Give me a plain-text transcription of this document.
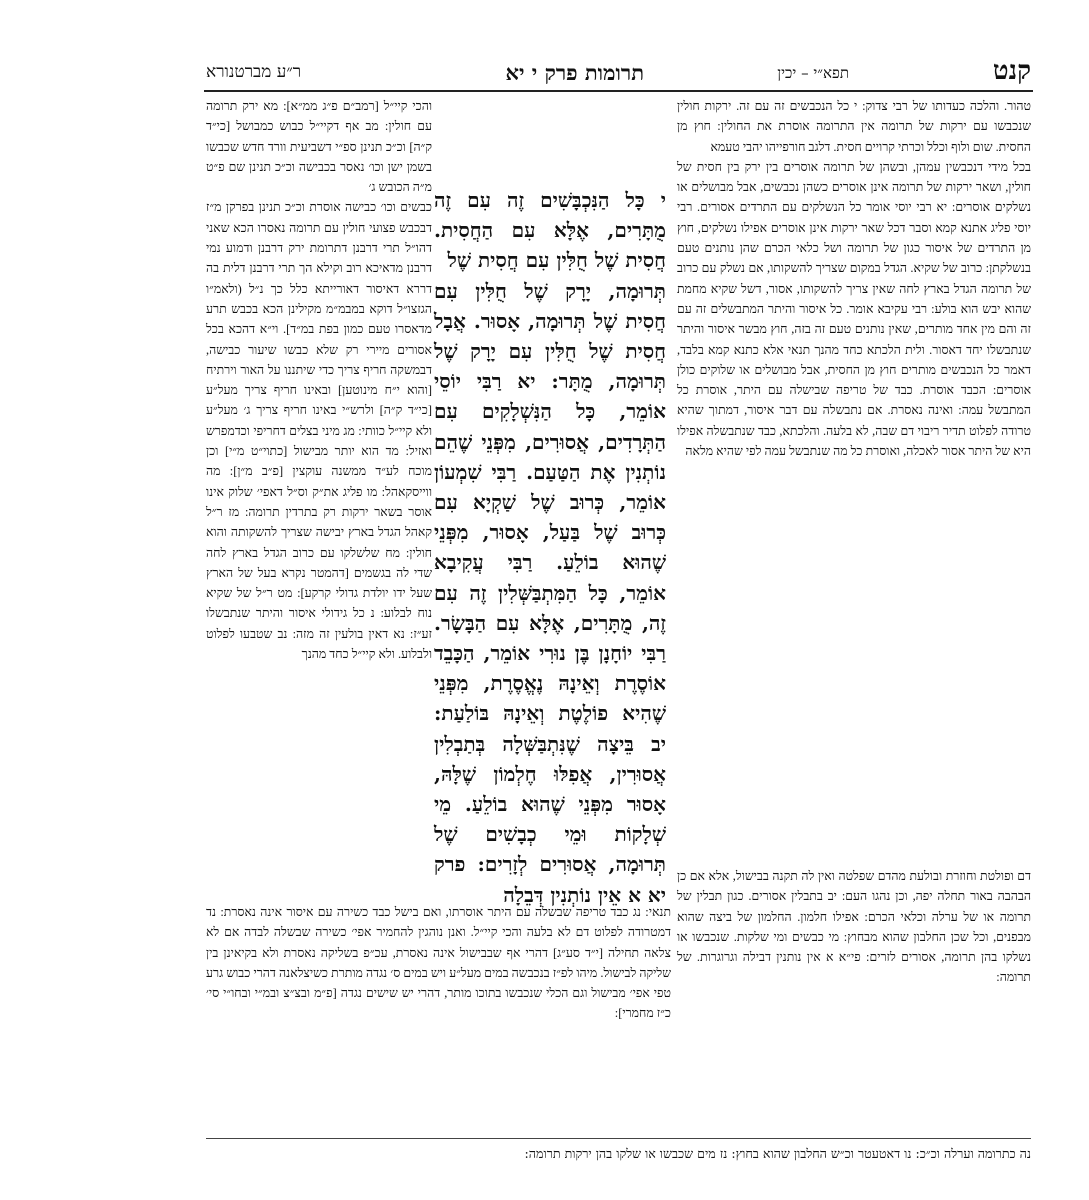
קנט
תפא״י – יכין
תרומות פרק י יא
ר״ע מברטנורא

והכי קיי״ל [רמב״ם פ״ג ממ״א]: מא ירק תרומה עם חולין: מב אף דקיי״ל כבוש כמבושל [כי״ד ק״ה] וכ״כ תנינן ספ״י דשביעית וורד חדש שכבשו בשמן ישן וכו׳ נאסר בכבישה וכ״כ תנינן שם פ״ט מ״ה הכובש ג׳

כבשים וכו׳ כבישה אוסרת וכ״כ תנינן בפרקן מ״ז דבכבש פצועי חולין עם תרומה נאסרו הכא שאני דהו״ל תרי דרבנן דתרומת ירק דרבנן ודמוע נמי דרבנן מדאיכא רוב וקילא הך תרי דרבנן דלית בה דררא דאיסור דאורייתא כלל כך נ״ל (ולאמ״ו הגזצו״ל דוקא במבמ״מ מקילינן הכא בכבש תרע מדאסרו טעם כמון בפת במ״ד]. וי״א דהכא בכל אסורים מיירי רק שלא כבשו שיעור כבישה, דבמשקה חריף צריך כדי שיתננו על האור וירתיח [והוא י״ח מינוטען] ובאינו חריף צריך מעל״ע [כי״ד ק״ה] ולרש״י באינו חריף צריך ג׳ מעל״ע ולא קיי״ל כוותי: מג מיני בצלים דחריפי וכדמפרש ואזיל: מד הוא יותר מבישול [כתוי״ט מ״י] וכן מוכח לע״ד ממשנה עוקצין [פ״ב מ״ן]: מה ווייסקאהל: מו פליג את״ק וס״ל דאפי׳ שלוק אינו אוסר בשאר ירקות רק בתרדין תרומה: מז ר״ל קאהל הגדל בארץ יבישה שצריך להשקותה והוא חולין: מח שלשלקו עם כרוב הגדל בארץ לחה שדי לה בגשמים [דהמטר נקרא בעל של הארץ שעל ידו יולדת גדולי קרקע]: מט ר״ל של שקיא נוח לבלוע: נ כל גידולי איסור והיתר שנתבשלו זע״ז: נא דאין בולעין זה מזה: נב שטבעו לפלוט ולבלוע. ולא קיי״ל כחד מהנך

טהור. והלכה כעדותו של רבי צדוק: י כל הנכבשים זה עם זה. ירקות חולין שנכבשו עם ירקות של תרומה אין התרומה אוסרת את החולין: חוץ מן החסית. שום ולוף וכלל וכרתי קרויים חסית. דלגב חורפייהו יהבי טעמא

בכל מידי דנכבשין עמהן, ובשהן של תרומה אוסרים בין ירק בין חסית של חולין, ושאר ירקות של תרומה אינן אוסרים כשהן נכבשים, אבל מבושלים או נשלקים אוסרים: יא רבי יוסי אומר כל הנשלקים עם התרדים אסורים. רבי יוסי פליג אתנא קמא וסבר דכל שאר ירקות אינן אוסרים אפילו נשלקים, חוץ מן התרדים של איסור כגון של תרומה ושל כלאי הכרם שהן נותנים טעם בנשלקתן: כרוב של שקיא. הגדל במקום שצריך להשקותו, אם נשלק עם כרוב של תרומה הגדל בארץ לחה שאין צריך להשקותו, אסור, דשל שקיא מחמת שהוא יבש הוא בולע: רבי עקיבא אומר. כל איסור והיתר המתבשלים זה עם זה והם מין אחד מותרים, שאין נותנים טעם זה בזה, חוץ מבשר איסור והיתר שנתבשלו יחד דאסור. ולית הלכתא כחד מהנך תנאי אלא כתנא קמא בלבד, דאמר כל הנכבשים מותרים חוץ מן החסית, אבל מבושלים או שלוקים כולן אוסרים: הכבד אוסרת. כבד של טריפה שבישלה עם היתר, אוסרת כל המתבשל עמה: ואינה נאסרת. אם נתבשלה עם דבר איסור, דמתוך שהיא טרודה לפלוט תדיר ריבוי דם שבה, לא בלעה. והלכתא, כבד שנתבשלה אפילו היא של היתר אסור לאכלה, ואוסרת כל מה שנתבשל עמה לפי שהיא מלאה

י כָּל הַנִּכְבָּשִׁים זֶה עִם זֶה מֻתָּרִים, אֶלָּא עִם הַחֲסִית. חֲסִית שֶׁל חֻלִּין עִם חֲסִית שֶׁל

תְּרוּמָה, יָרָק שֶׁל חֻלִּין עִם חֲסִית שֶׁל תְּרוּמָה, אָסוּר. אֲבָל חֲסִית שֶׁל חֻלִּין עִם יָרָק שֶׁל תְּרוּמָה, מֻתָּר: יא רַבִּי יוֹסֵי אוֹמֵר, כָּל הַנִּשְׁלָקִים עִם הַתְּרָדִים, אֲסוּרִים, מִפְּנֵי שֶׁהֵם נוֹתְנִין אֶת הַטַּעַם. רַבִּי שִׁמְעוֹן אוֹמֵר, כְּרוּב שֶׁל שַׁקְיָא עִם כְּרוּב שֶׁל בַּעַל, אָסוּר, מִפְּנֵי שֶׁהוּא בוֹלֵעַ. רַבִּי עֲקִיבָא אוֹמֵר, כָּל הַמִּתְבַּשְּׁלִין זֶה עִם זֶה, מֻתָּרִים, אֶלָּא עִם הַבָּשָׂר. רַבִּי יוֹחָנָן בֶּן נוּרִי אוֹמֵר, הַכָּבֵד אוֹסֶרֶת וְאֵינָהּ נֶאֱסֶרֶת, מִפְּנֵי שֶׁהִיא פוֹלֶטֶת וְאֵינָהּ בּוֹלַעַת: יב בֵּיצָה שֶׁנִּתְבַּשְּׁלָה בְּתַבְלִין אֲסוּרִין, אֲפִלּוּ חֶלְמוֹן שֶׁלָּהּ, אָסוּר מִפְּנֵי שֶׁהוּא בוֹלֵעַ. מֵי שְׁלָקוֹת וּמֵי כְבָשִׁים שֶׁל תְּרוּמָה, אֲסוּרִים לְזָרִים: פרק יא א אֵין נוֹתְנִין דְּבֵלָה

דם ופולטת וחוזרת ובולעת מהדם שפלטה ואין לה תקנה בבישול, אלא אם כן הבהבה באור תחלה יפה, וכן נהגו העם: יב בתבלין אסורים. כגון תבלין של תרומה או של ערלה וכלאי הכרם: אפילו חלמון. החלמון של ביצה שהוא מבפנים, וכל שכן החלבון שהוא מבחוץ: מי כבשים ומי שלקות. שנכבשו או נשלקו בהן תרומה, אסורים לזרים: פי״א א אין נותנין דבילה וגרוגרות. של תרומה:
תנאי: נג כבד טריפה שבשלה עם היתר אוסרתו, ואם בישל כבד כשירה עם איסור אינה נאסרת: נד דמטרודה לפלוט דם לא בלעה והכי קיי״ל. ואנן נוהגין להחמיר אפי׳ כשירה שבשלה לבדה אם לא צלאה תחילה [י״ד סע״ג] דהרי אף שבבישול אינה נאסרת, עכ״פ בשליקה נאסרת ולא בקיאינן בין שליקה לבישול. מיהו לפ״ז בנכבשה במים מעל״ע ויש במים ס׳ נגדה מותרת כשיצלאנה דהרי כבוש גרע טפי אפי׳ מבישול וגם הכלי שנכבשו בתוכו מותר, דהרי יש שישים נגדה [פ״מ ובצ״צ ובמ״י ובחו״י סי׳ כ״ז מחמרי]:
נה כתרומה וערלה וכ״כ: נו דאטעטר וכ״ש החלבון שהוא בחוץ: נז מים שכבשו או שלקו בהן ירקות תרומה:
